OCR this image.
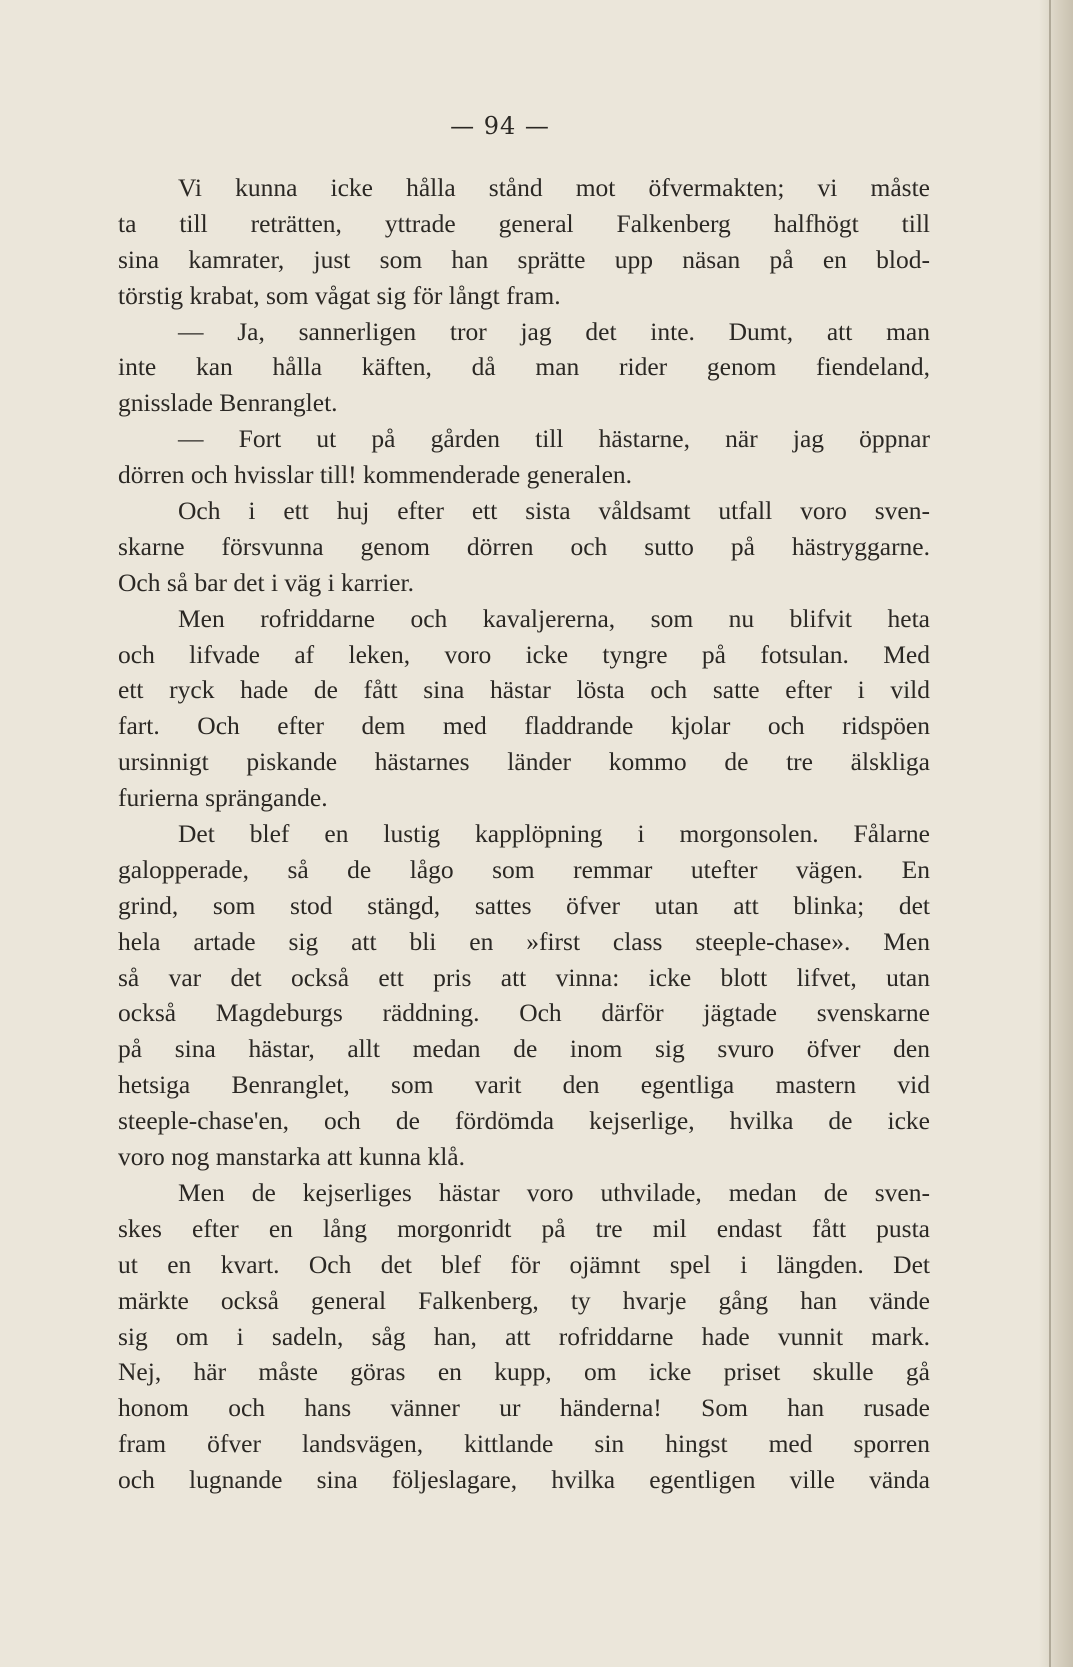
— 94 —
Vi kunna icke hålla stånd mot öfvermakten; vi måste
ta till reträtten, yttrade general Falkenberg halfhögt till
sina kamrater, just som han sprätte upp näsan på en blod-
törstig krabat, som vågat sig för långt fram.
— Ja, sannerligen tror jag det inte. Dumt, att man
inte kan hålla käften, då man rider genom fiendeland,
gnisslade Benranglet.
— Fort ut på gården till hästarne, när jag öppnar
dörren och hvisslar till! kommenderade generalen.
Och i ett huj efter ett sista våldsamt utfall voro sven-
skarne försvunna genom dörren och sutto på hästryggarne.
Och så bar det i väg i karrier.
Men rofriddarne och kavaljererna, som nu blifvit heta
och lifvade af leken, voro icke tyngre på fotsulan. Med
ett ryck hade de fått sina hästar lösta och satte efter i vild
fart. Och efter dem med fladdrande kjolar och ridspöen
ursinnigt piskande hästarnes länder kommo de tre älskliga
furierna sprängande.
Det blef en lustig kapplöpning i morgonsolen. Fålarne
galopperade, så de lågo som remmar utefter vägen. En
grind, som stod stängd, sattes öfver utan att blinka; det
hela artade sig att bli en »first class steeple-chase». Men
så var det också ett pris att vinna: icke blott lifvet, utan
också Magdeburgs räddning. Och därför jägtade svenskarne
på sina hästar, allt medan de inom sig svuro öfver den
hetsiga Benranglet, som varit den egentliga mastern vid
steeple-chase'en, och de fördömda kejserlige, hvilka de icke
voro nog manstarka att kunna klå.
Men de kejserliges hästar voro uthvilade, medan de sven-
skes efter en lång morgonridt på tre mil endast fått pusta
ut en kvart. Och det blef för ojämnt spel i längden. Det
märkte också general Falkenberg, ty hvarje gång han vände
sig om i sadeln, såg han, att rofriddarne hade vunnit mark.
Nej, här måste göras en kupp, om icke priset skulle gå
honom och hans vänner ur händerna! Som han rusade
fram öfver landsvägen, kittlande sin hingst med sporren
och lugnande sina följeslagare, hvilka egentligen ville vända
